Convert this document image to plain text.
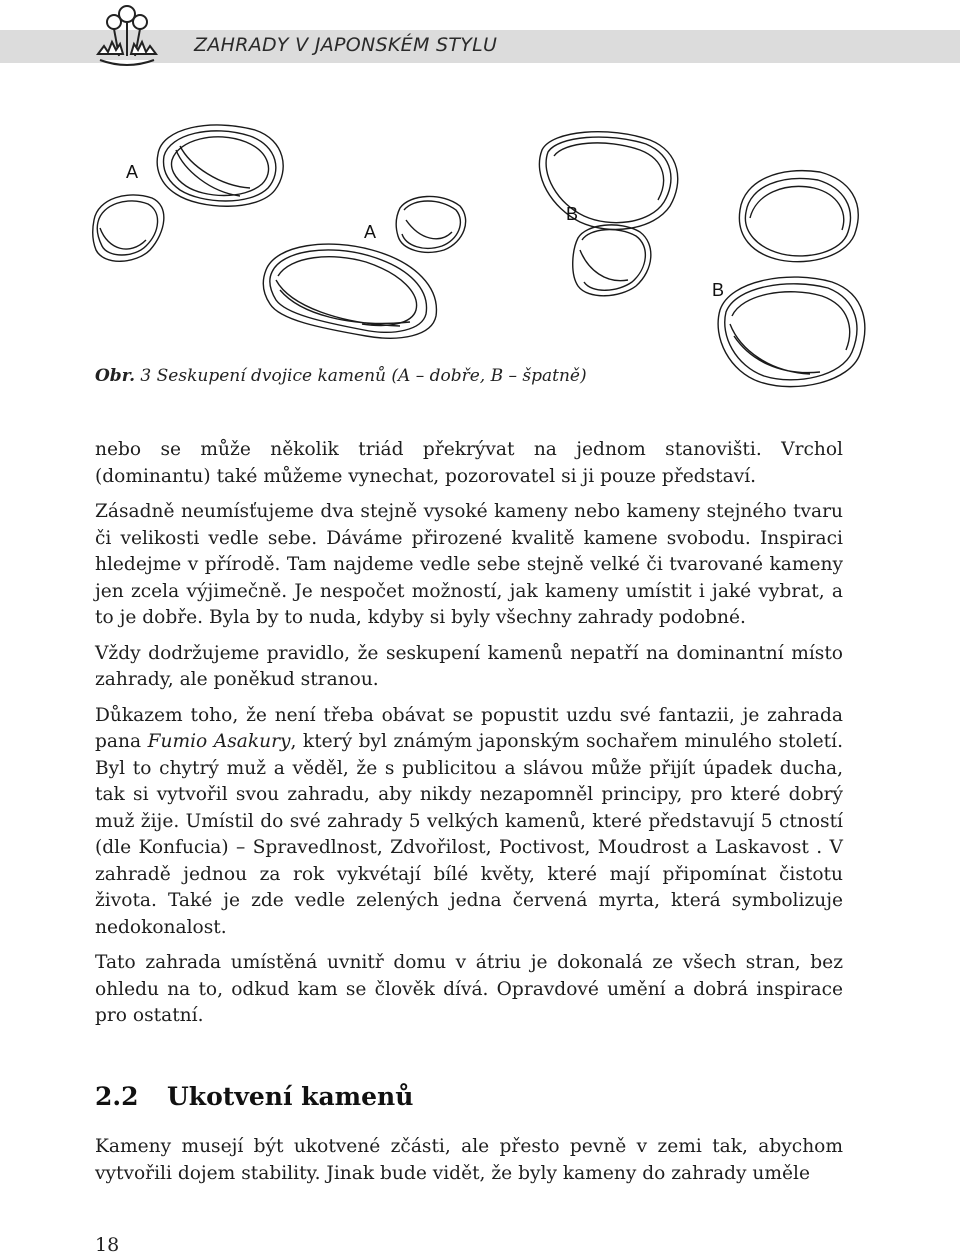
ZAHRADY V JAPONSKÉM STYLU
A
A
B
B
Obr. 3 Seskupení dvojice kamenů (A – dobře, B – špatně)

nebo se může několik triád překrývat na jednom stanovišti. Vrchol (dominantu) také můžeme vynechat, pozorovatel si ji pouze představí.

Zásadně neumísťujeme dva stejně vysoké kameny nebo kameny stejného tvaru či velikosti vedle sebe. Dáváme přirozené kvalitě kamene svobodu. Inspiraci hledejme v přírodě. Tam najdeme vedle sebe stejně velké či tvarované kameny jen zcela výjimečně. Je nespočet možností, jak kameny umístit i jaké vybrat, a to je dobře. Byla by to nuda, kdyby si byly všechny zahrady podobné.

Vždy dodržujeme pravidlo, že seskupení kamenů nepatří na dominantní místo zahrady, ale poněkud stranou.

Důkazem toho, že není třeba obávat se popustit uzdu své fantazii, je zahrada pana Fumio Asakury, který byl známým japonským sochařem minulého století. Byl to chytrý muž a věděl, že s publicitou a slávou může přijít úpadek ducha, tak si vytvořil svou zahradu, aby nikdy nezapomněl principy, pro které dobrý muž žije. Umístil do své zahrady 5 velkých kamenů, které představují 5 ctností (dle Konfucia) – Spravedlnost, Zdvořilost, Poctivost, Moudrost a Laskavost . V zahradě jednou za rok vykvétají bílé květy, které mají připomínat čistotu života. Také je zde vedle zelených jedna červená myrta, která symbolizuje nedokonalost.

Tato zahrada umístěná uvnitř domu v átriu je dokonalá ze všech stran, bez ohledu na to, odkud kam se člověk dívá. Opravdové umění a dobrá inspirace pro ostatní.

2.2 Ukotvení kamenů

Kameny musejí být ukotvené zčásti, ale přesto pevně v zemi tak, abychom vytvořili dojem stability. Jinak bude vidět, že byly kameny do zahrady uměle

18
